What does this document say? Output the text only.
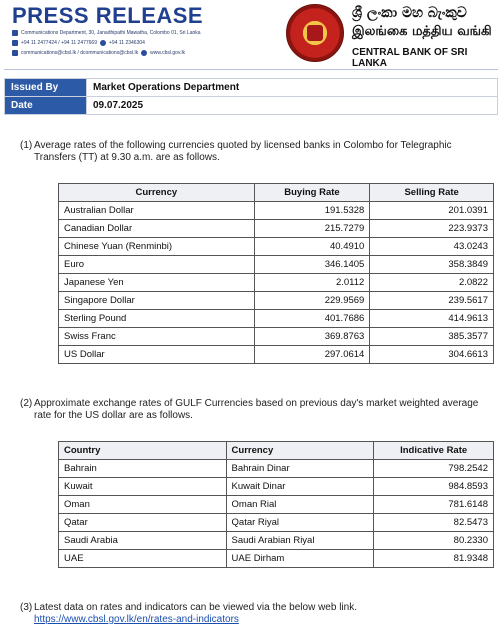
PRESS RELEASE
Communications Department, 30, Janadhipathi Mawatha, Colombo 01, Sri Lanka
+94 11 2477424 / +94 11 2477669 +94 11 2346304
communications@cbsl.lk / dcommunications@cbsl.lk www.cbsl.gov.lk
ශ්‍රී ලංකා මහ බැංකුව
இலங்கை மத்திய வங்கி
CENTRAL BANK OF SRI LANKA
Issued By	Market Operations Department
Date	09.07.2025
(1) Average rates of the following currencies quoted by licensed banks in Colombo for Telegraphic
Transfers (TT) at 9.30 a.m. are as follows.
Currency	Buying Rate	Selling Rate
Australian Dollar	191.5328	201.0391
Canadian Dollar	215.7279	223.9373
Chinese Yuan (Renminbi)	40.4910	43.0243
Euro	346.1405	358.3849
Japanese Yen	2.0112	2.0822
Singapore Dollar	229.9569	239.5617
Sterling Pound	401.7686	414.9613
Swiss Franc	369.8763	385.3577
US Dollar	297.0614	304.6613
(2) Approximate exchange rates of GULF Currencies based on previous day's market weighted average
rate for the US dollar are as follows.
Country	Currency	Indicative Rate
Bahrain	Bahrain Dinar	798.2542
Kuwait	Kuwait Dinar	984.8593
Oman	Oman Rial	781.6148
Qatar	Qatar Riyal	82.5473
Saudi Arabia	Saudi Arabian Riyal	80.2330
UAE	UAE Dirham	81.9348
(3) Latest data on rates and indicators can be viewed via the below web link.
https://www.cbsl.gov.lk/en/rates-and-indicators
